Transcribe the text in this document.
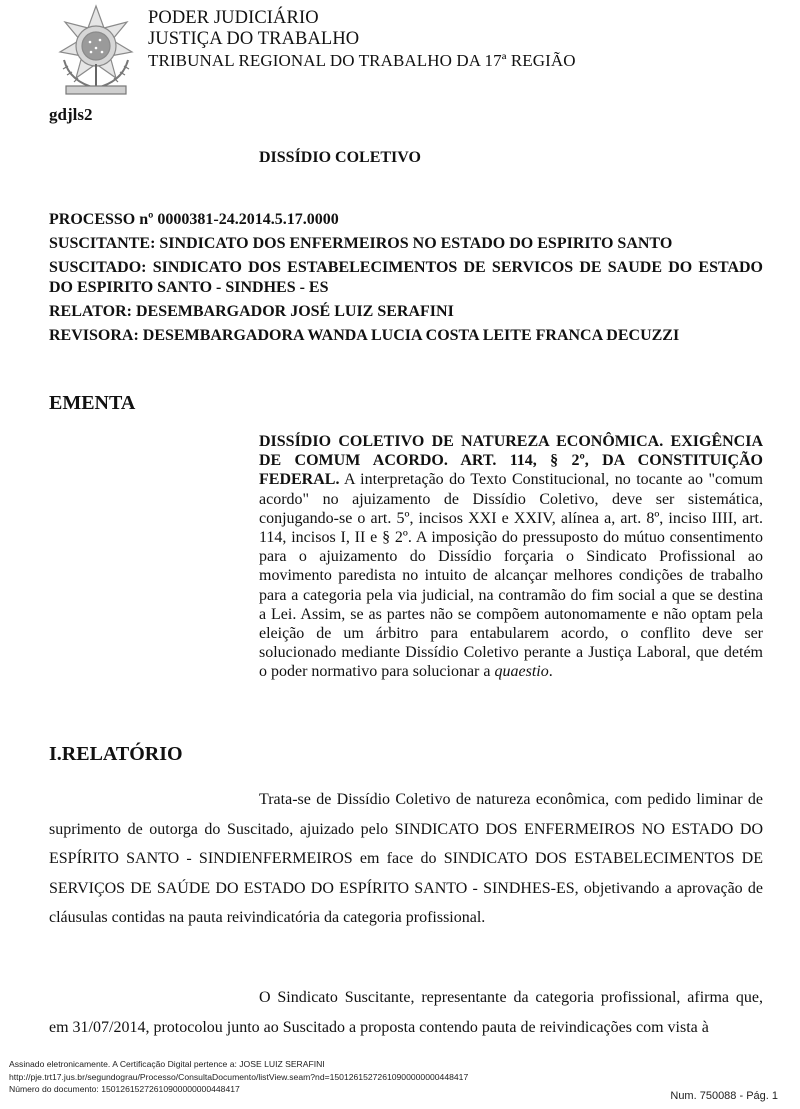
PODER JUDICIÁRIO
JUSTIÇA DO TRABALHO
TRIBUNAL REGIONAL DO TRABALHO DA 17ª REGIÃO
gdjls2
DISSÍDIO COLETIVO

PROCESSO nº 0000381-24.2014.5.17.0000

SUSCITANTE: SINDICATO DOS ENFERMEIROS NO ESTADO DO ESPIRITO SANTO

SUSCITADO: SINDICATO DOS ESTABELECIMENTOS DE SERVICOS DE SAUDE DO ESTADO DO ESPIRITO SANTO - SINDHES - ES

RELATOR: DESEMBARGADOR JOSÉ LUIZ SERAFINI

REVISORA: DESEMBARGADORA WANDA LUCIA COSTA LEITE FRANCA DECUZZI

EMENTA
DISSÍDIO COLETIVO DE NATUREZA ECONÔMICA. EXIGÊNCIA DE COMUM ACORDO. ART. 114, § 2º, DA CONSTITUIÇÃO FEDERAL. A interpretação do Texto Constitucional, no tocante ao "comum acordo" no ajuizamento de Dissídio Coletivo, deve ser sistemática, conjugando-se o art. 5º, incisos XXI e XXIV, alínea a, art. 8º, inciso IIII, art. 114, incisos I, II e § 2º. A imposição do pressuposto do mútuo consentimento para o ajuizamento do Dissídio forçaria o Sindicato Profissional ao movimento paredista no intuito de alcançar melhores condições de trabalho para a categoria pela via judicial, na contramão do fim social a que se destina a Lei. Assim, se as partes não se compõem autonomamente e não optam pela eleição de um árbitro para entabularem acordo, o conflito deve ser solucionado mediante Dissídio Coletivo perante a Justiça Laboral, que detém o poder normativo para solucionar a quaestio.
I.RELATÓRIO
Trata-se de Dissídio Coletivo de natureza econômica, com pedido liminar de suprimento de outorga do Suscitado, ajuizado pelo SINDICATO DOS ENFERMEIROS NO ESTADO DO ESPÍRITO SANTO - SINDIENFERMEIROS em face do SINDICATO DOS ESTABELECIMENTOS DE SERVIÇOS DE SAÚDE DO ESTADO DO ESPÍRITO SANTO - SINDHES-ES, objetivando a aprovação de cláusulas contidas na pauta reivindicatória da categoria profissional.
O Sindicato Suscitante, representante da categoria profissional, afirma que, em 31/07/2014, protocolou junto ao Suscitado a proposta contendo pauta de reivindicações com vista à
Assinado eletronicamente. A Certificação Digital pertence a: JOSE LUIZ SERAFINI
http://pje.trt17.jus.br/segundograu/Processo/ConsultaDocumento/listView.seam?nd=15012615272610900000000448417
Número do documento: 15012615272610900000000448417
Num. 750088 - Pág. 1
